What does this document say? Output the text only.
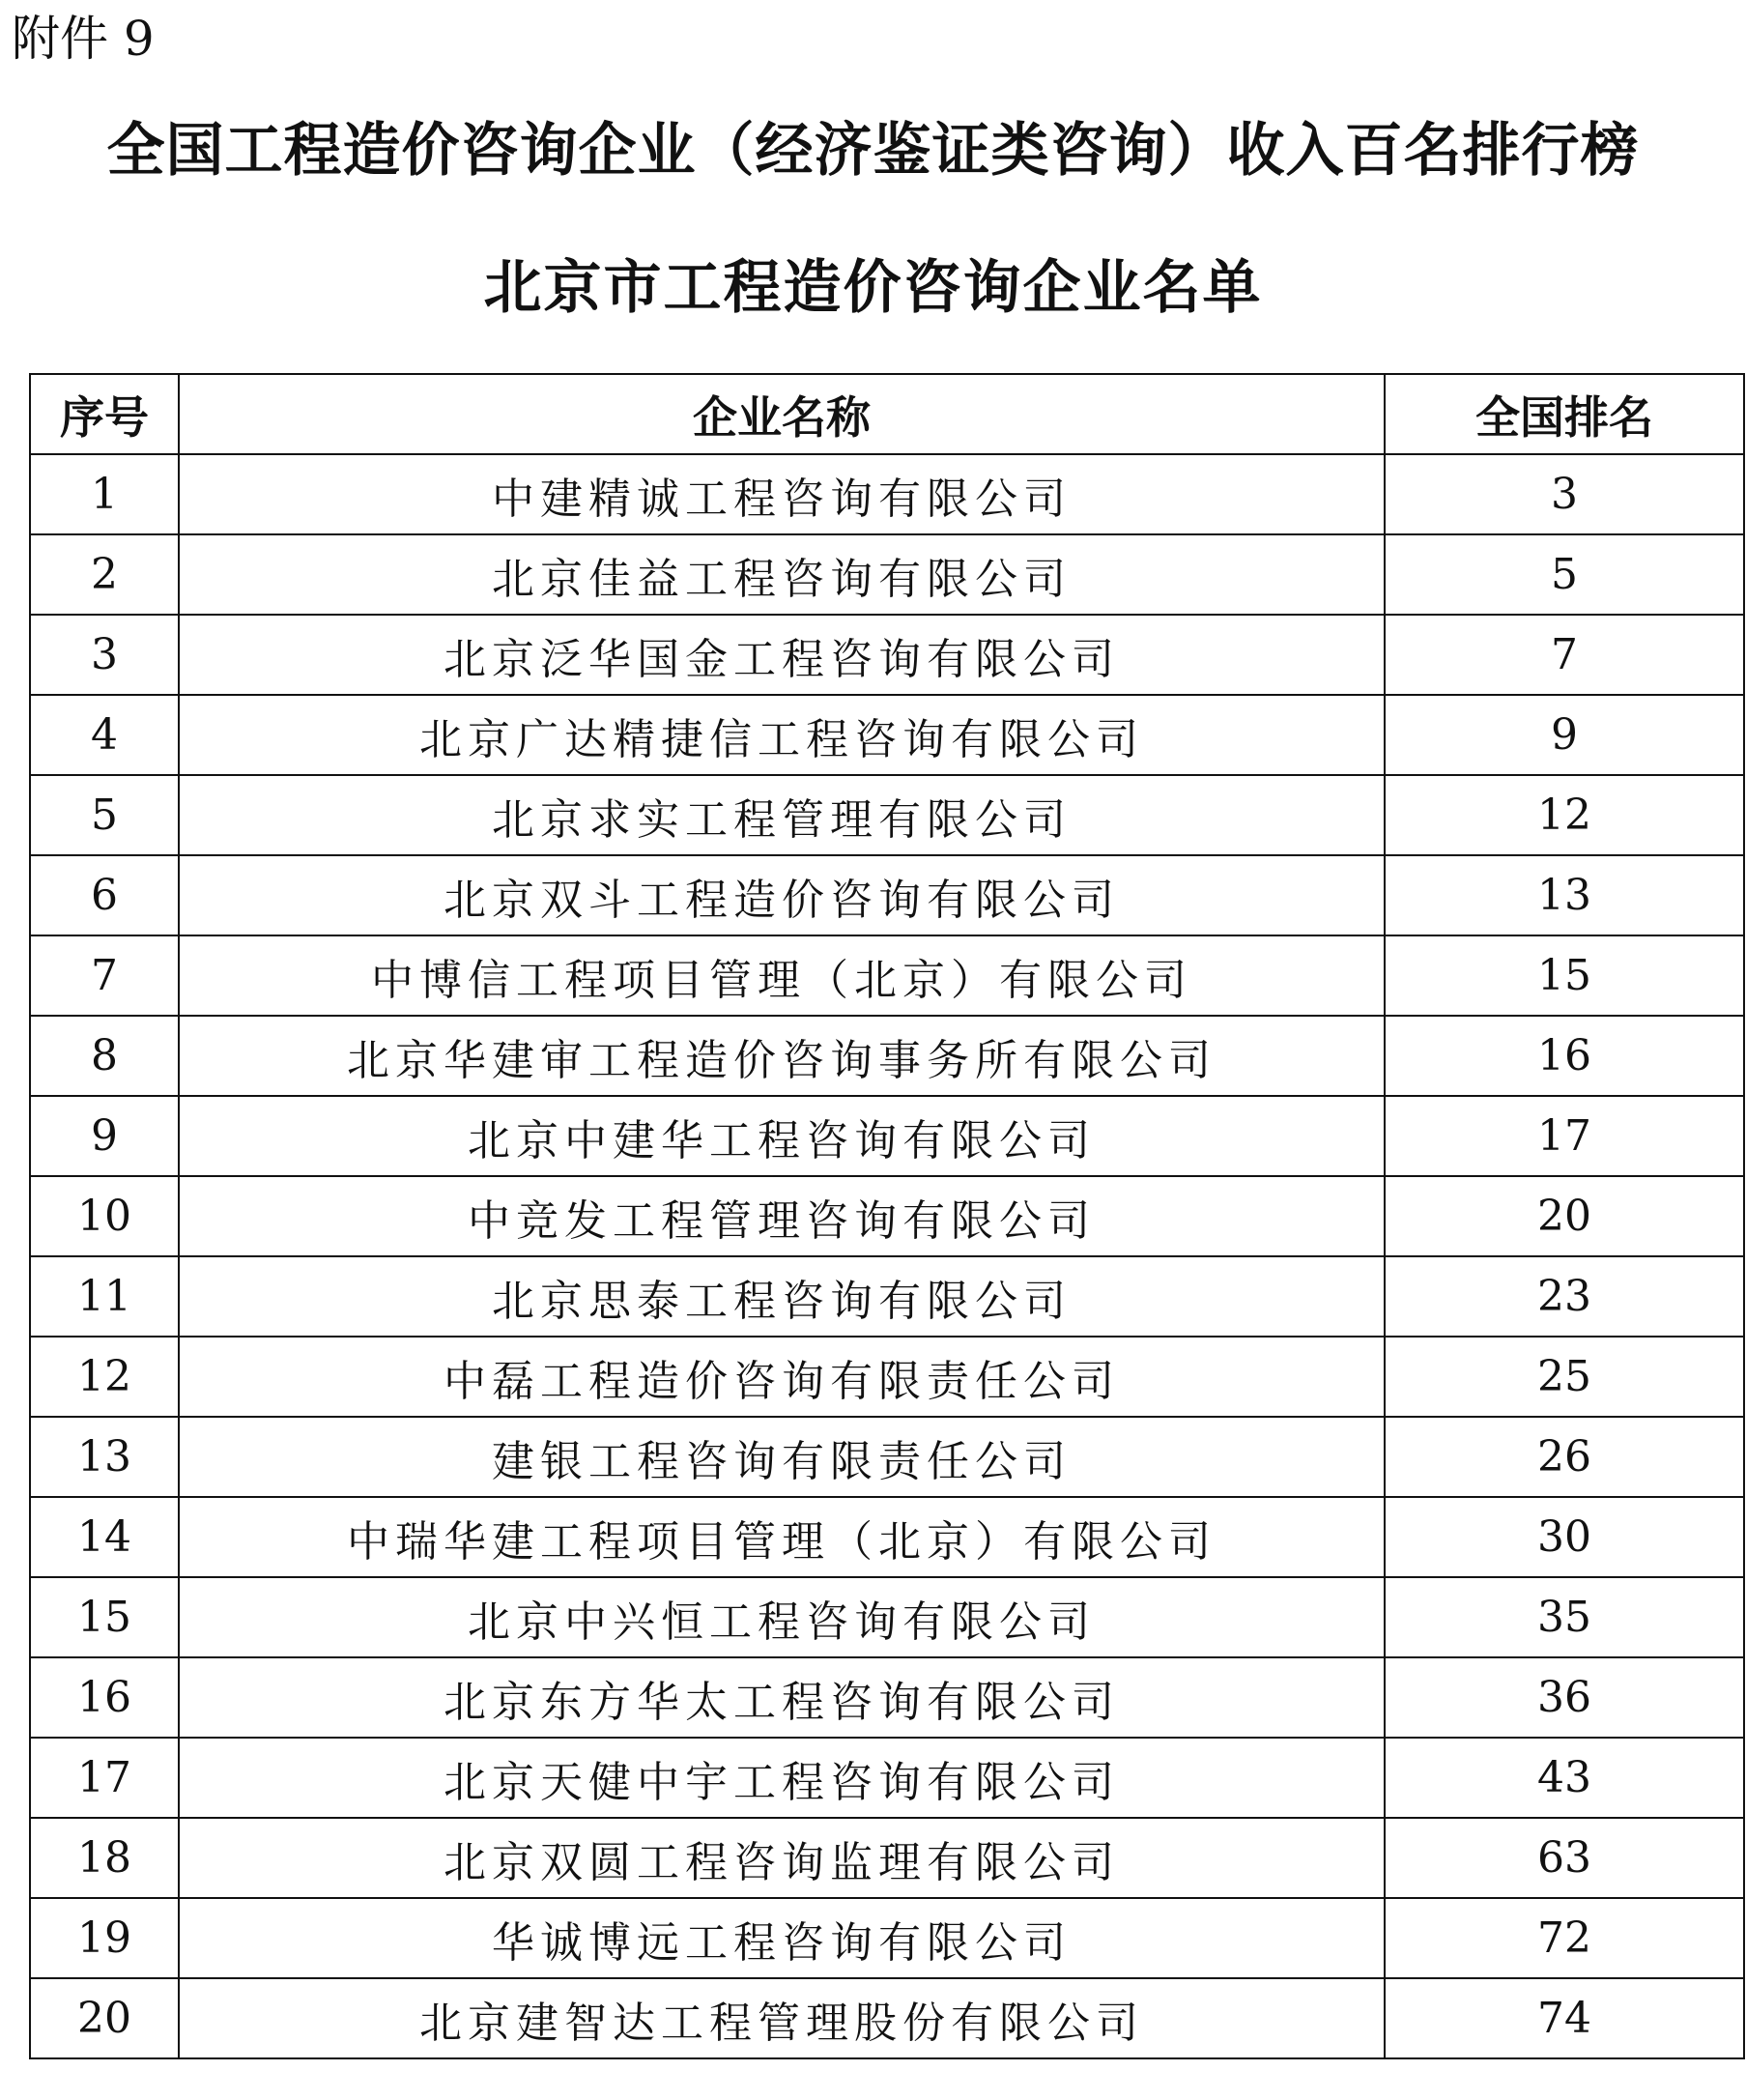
附件 9
全国工程造价咨询企业（经济鉴证类咨询）收入百名排行榜
北京市工程造价咨询企业名单
序号	企业名称	全国排名
1	中建精诚工程咨询有限公司	3
2	北京佳益工程咨询有限公司	5
3	北京泛华国金工程咨询有限公司	7
4	北京广达精捷信工程咨询有限公司	9
5	北京求实工程管理有限公司	12
6	北京双斗工程造价咨询有限公司	13
7	中博信工程项目管理（北京）有限公司	15
8	北京华建审工程造价咨询事务所有限公司	16
9	北京中建华工程咨询有限公司	17
10	中竞发工程管理咨询有限公司	20
11	北京思泰工程咨询有限公司	23
12	中磊工程造价咨询有限责任公司	25
13	建银工程咨询有限责任公司	26
14	中瑞华建工程项目管理（北京）有限公司	30
15	北京中兴恒工程咨询有限公司	35
16	北京东方华太工程咨询有限公司	36
17	北京天健中宇工程咨询有限公司	43
18	北京双圆工程咨询监理有限公司	63
19	华诚博远工程咨询有限公司	72
20	北京建智达工程管理股份有限公司	74
